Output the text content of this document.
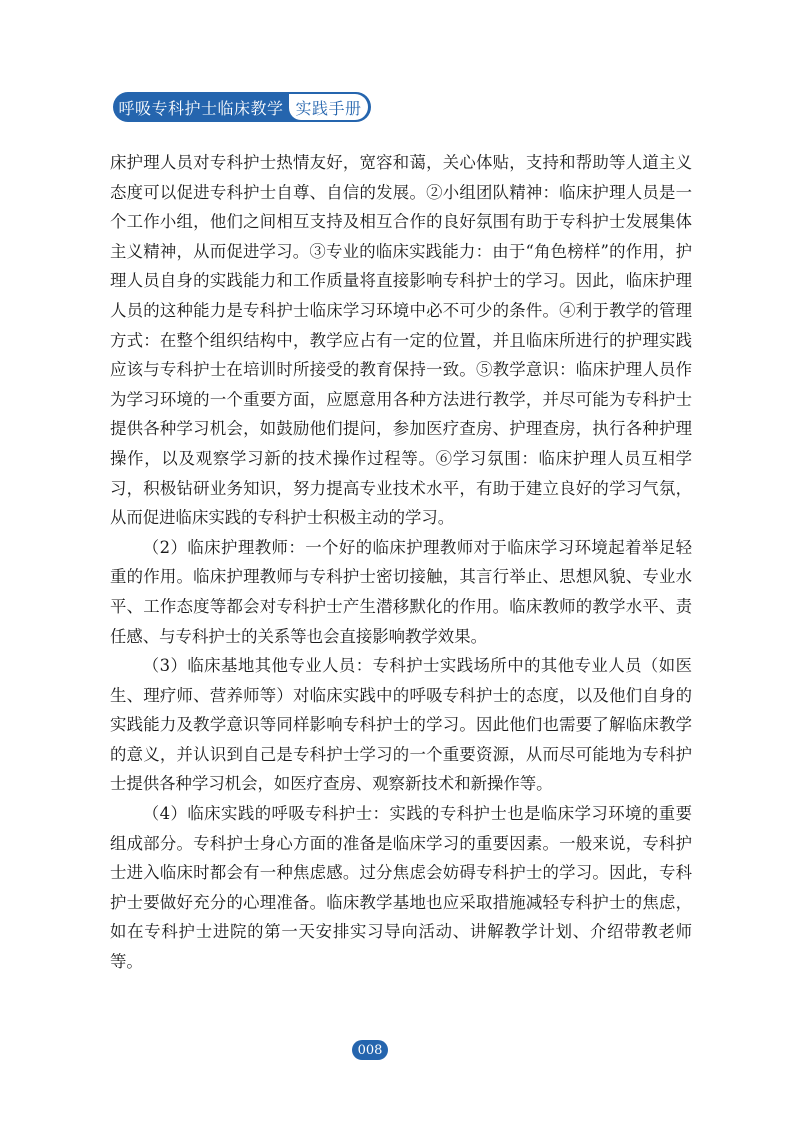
呼吸专科护士临床教学 实践手册

床护理人员对专科护士热情友好，宽容和蔼，关心体贴，支持和帮助等人道主义态度可以促进专科护士自尊、自信的发展。②小组团队精神：临床护理人员是一个工作小组，他们之间相互支持及相互合作的良好氛围有助于专科护士发展集体主义精神，从而促进学习。③专业的临床实践能力：由于“角色榜样”的作用，护理人员自身的实践能力和工作质量将直接影响专科护士的学习。因此，临床护理人员的这种能力是专科护士临床学习环境中必不可少的条件。④利于教学的管理方式：在整个组织结构中，教学应占有一定的位置，并且临床所进行的护理实践应该与专科护士在培训时所接受的教育保持一致。⑤教学意识：临床护理人员作为学习环境的一个重要方面，应愿意用各种方法进行教学，并尽可能为专科护士提供各种学习机会，如鼓励他们提问，参加医疗查房、护理查房，执行各种护理操作，以及观察学习新的技术操作过程等。⑥学习氛围：临床护理人员互相学习，积极钻研业务知识，努力提高专业技术水平，有助于建立良好的学习气氛，从而促进临床实践的专科护士积极主动的学习。

（2）临床护理教师：一个好的临床护理教师对于临床学习环境起着举足轻重的作用。临床护理教师与专科护士密切接触，其言行举止、思想风貌、专业水平、工作态度等都会对专科护士产生潜移默化的作用。临床教师的教学水平、责任感、与专科护士的关系等也会直接影响教学效果。

（3）临床基地其他专业人员：专科护士实践场所中的其他专业人员（如医生、理疗师、营养师等）对临床实践中的呼吸专科护士的态度，以及他们自身的实践能力及教学意识等同样影响专科护士的学习。因此他们也需要了解临床教学的意义，并认识到自己是专科护士学习的一个重要资源，从而尽可能地为专科护士提供各种学习机会，如医疗查房、观察新技术和新操作等。

（4）临床实践的呼吸专科护士：实践的专科护士也是临床学习环境的重要组成部分。专科护士身心方面的准备是临床学习的重要因素。一般来说，专科护士进入临床时都会有一种焦虑感。过分焦虑会妨碍专科护士的学习。因此，专科护士要做好充分的心理准备。临床教学基地也应采取措施减轻专科护士的焦虑，如在专科护士进院的第一天安排实习导向活动、讲解教学计划、介绍带教老师等。

008
